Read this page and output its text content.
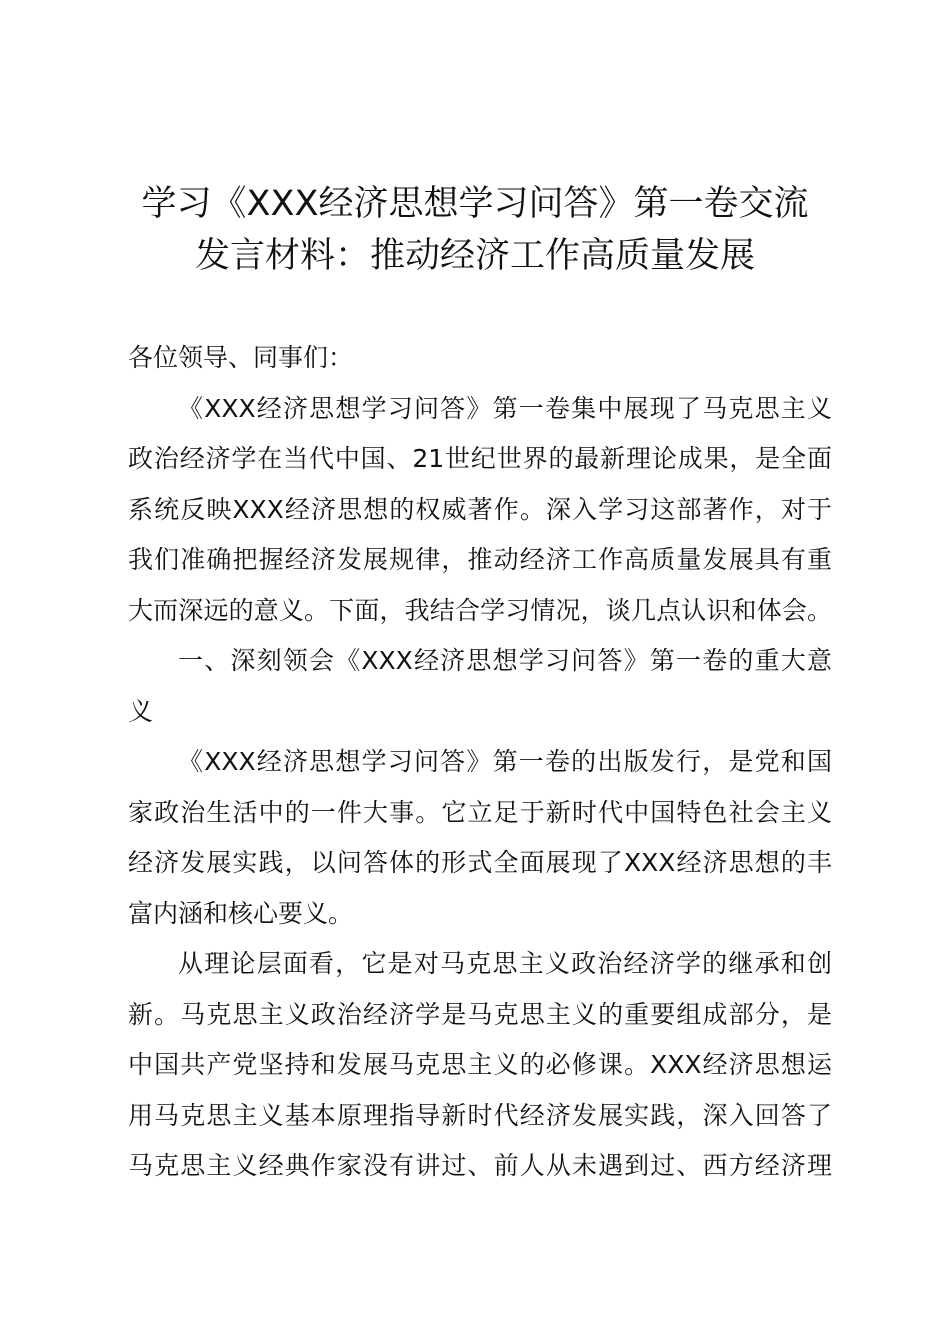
学习《XXX经济思想学习问答》第一卷交流
发言材料：推动经济工作高质量发展
各位领导、同事们：
《XXX经济思想学习问答》第一卷集中展现了马克思主义
政治经济学在当代中国、21世纪世界的最新理论成果，是全面
系统反映XXX经济思想的权威著作。深入学习这部著作，对于
我们准确把握经济发展规律，推动经济工作高质量发展具有重
大而深远的意义。下面，我结合学习情况，谈几点认识和体会。
一、深刻领会《XXX经济思想学习问答》第一卷的重大意
义
《XXX经济思想学习问答》第一卷的出版发行，是党和国
家政治生活中的一件大事。它立足于新时代中国特色社会主义
经济发展实践，以问答体的形式全面展现了XXX经济思想的丰
富内涵和核心要义。
从理论层面看，它是对马克思主义政治经济学的继承和创
新。马克思主义政治经济学是马克思主义的重要组成部分，是
中国共产党坚持和发展马克思主义的必修课。XXX经济思想运
用马克思主义基本原理指导新时代经济发展实践，深入回答了
马克思主义经典作家没有讲过、前人从未遇到过、西方经济理
